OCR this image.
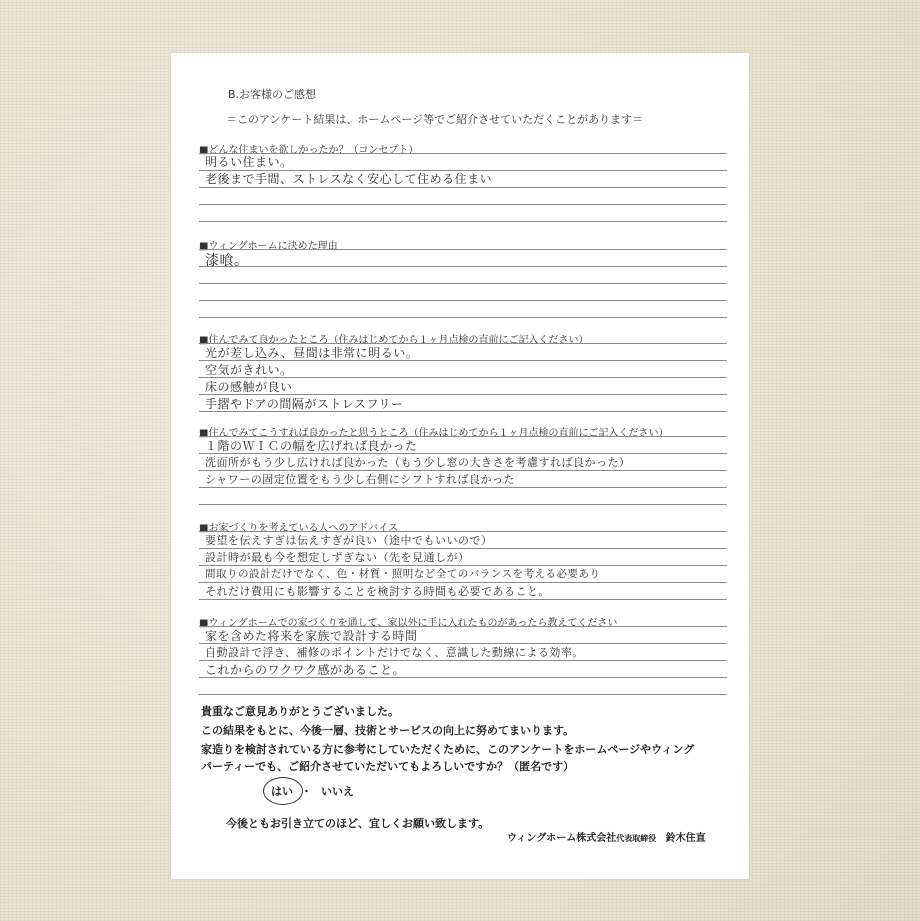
B.お客様のご感想
＝このアンケート結果は、ホームページ等でご紹介させていただくことがあります＝
■どんな住まいを欲しかったか？（コンセプト）
明るい住まい。
老後まで手間、ストレスなく安心して住める住まい
■ウィングホームに決めた理由
漆喰。
■住んでみて良かったところ（住みはじめてから１ヶ月点検の直前にご記入ください）
光が差し込み、昼間は非常に明るい。
空気がきれい。
床の感触が良い
手摺やドアの間隔がストレスフリー
■住んでみてこうすれば良かったと思うところ（住みはじめてから１ヶ月点検の直前にご記入ください）
１階のＷＩＣの幅を広げれば良かった
洗面所がもう少し広ければ良かった（もう少し窓の大きさを考慮すれば良かった）
シャワーの固定位置をもう少し右側にシフトすれば良かった
■お家づくりを考えている人へのアドバイス
要望を伝えすぎは伝えすぎが良い（途中でもいいので）
設計時が最も今を想定しずぎない（先を見通しが）
間取りの設計だけでなく、色・材質・照明など全てのバランスを考える必要あり
それだけ費用にも影響することを検討する時間も必要であること。
■ウィングホームでの家づくりを通して、家以外に手に入れたものがあったら教えてください
家を含めた将来を家族で設計する時間
自動設計で浮き、補修のポイントだけでなく、意識した動線による効率。
これからのワクワク感があること。
貴重なご意見ありがとうございました。
この結果をもとに、今後一層、技術とサービスの向上に努めてまいります。
家造りを検討されている方に参考にしていただくために、このアンケートをホームページやウィング
パーティーでも、ご紹介させていただいてもよろしいですか？（匿名です）
はい ・ いいえ
今後ともお引き立てのほど、宜しくお願い致します。
ウィングホーム株式会社代表取締役 鈴木住直
